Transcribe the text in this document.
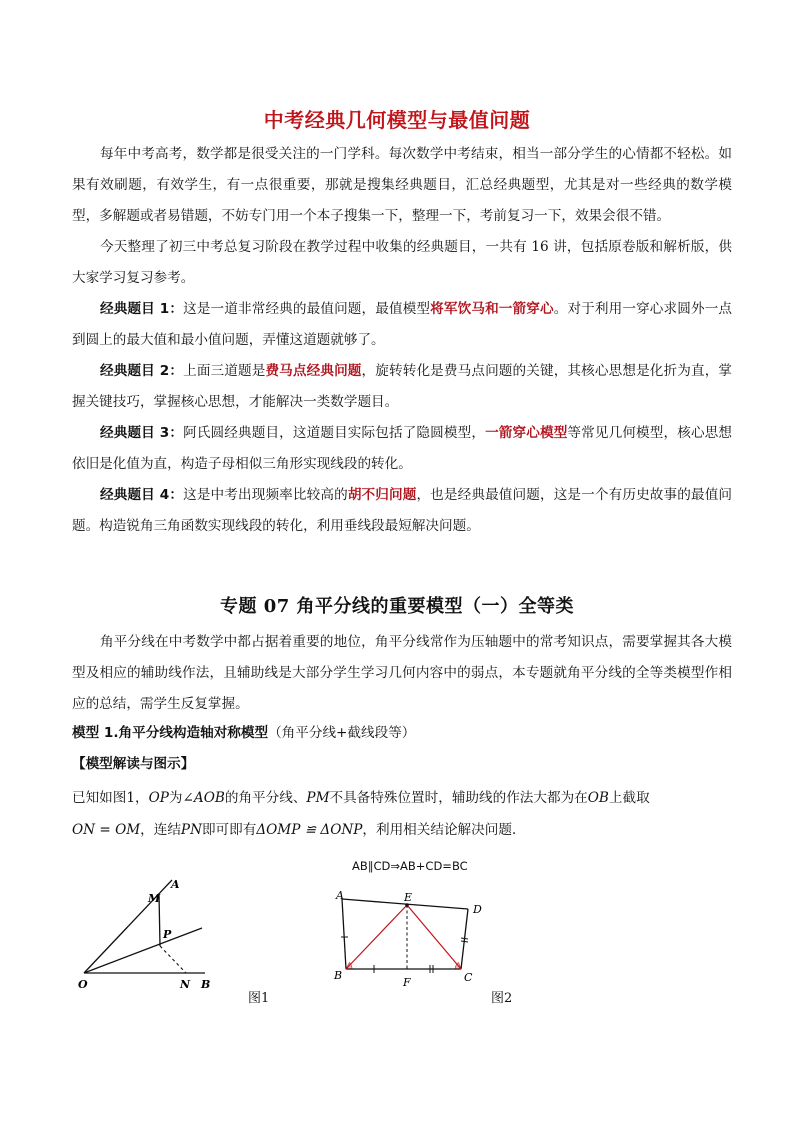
中考经典几何模型与最值问题

每年中考高考，数学都是很受关注的一门学科。每次数学中考结束，相当一部分学生的心情都不轻松。如果有效刷题，有效学生，有一点很重要，那就是搜集经典题目，汇总经典题型，尤其是对一些经典的数学模型，多解题或者易错题，不妨专门用一个本子搜集一下，整理一下，考前复习一下，效果会很不错。

今天整理了初三中考总复习阶段在教学过程中收集的经典题目，一共有 16 讲，包括原卷版和解析版，供大家学习复习参考。

经典题目 1：这是一道非常经典的最值问题，最值模型将军饮马和一箭穿心。对于利用一穿心求圆外一点到圆上的最大值和最小值问题，弄懂这道题就够了。

经典题目 2：上面三道题是费马点经典问题，旋转转化是费马点问题的关键，其核心思想是化折为直，掌握关键技巧，掌握核心思想，才能解决一类数学题目。

经典题目 3：阿氏圆经典题目，这道题目实际包括了隐圆模型，一箭穿心模型等常见几何模型，核心思想依旧是化值为直，构造子母相似三角形实现线段的转化。

经典题目 4：这是中考出现频率比较高的胡不归问题，也是经典最值问题，这是一个有历史故事的最值问题。构造锐角三角函数实现线段的转化，利用垂线段最短解决问题。

专题 07 角平分线的重要模型（一）全等类

角平分线在中考数学中都占据着重要的地位，角平分线常作为压轴题中的常考知识点，需要掌握其各大模型及相应的辅助线作法，且辅助线是大部分学生学习几何内容中的弱点，本专题就角平分线的全等类模型作相应的总结，需学生反复掌握。

模型 1.角平分线构造轴对称模型（角平分线+截线段等）
【模型解读与图示】
已知如图1，OP为∠AOB的角平分线、PM不具备特殊位置时，辅助线的作法大都为在OB上截取
ON = OM，连结PN即可即有ΔOMP ≌ ΔONP，利用相关结论解决问题.
A
M
P
O	N B
图1
AB∥CD⇒AB+CD=BC
A	E
D
B
F	C
图2
